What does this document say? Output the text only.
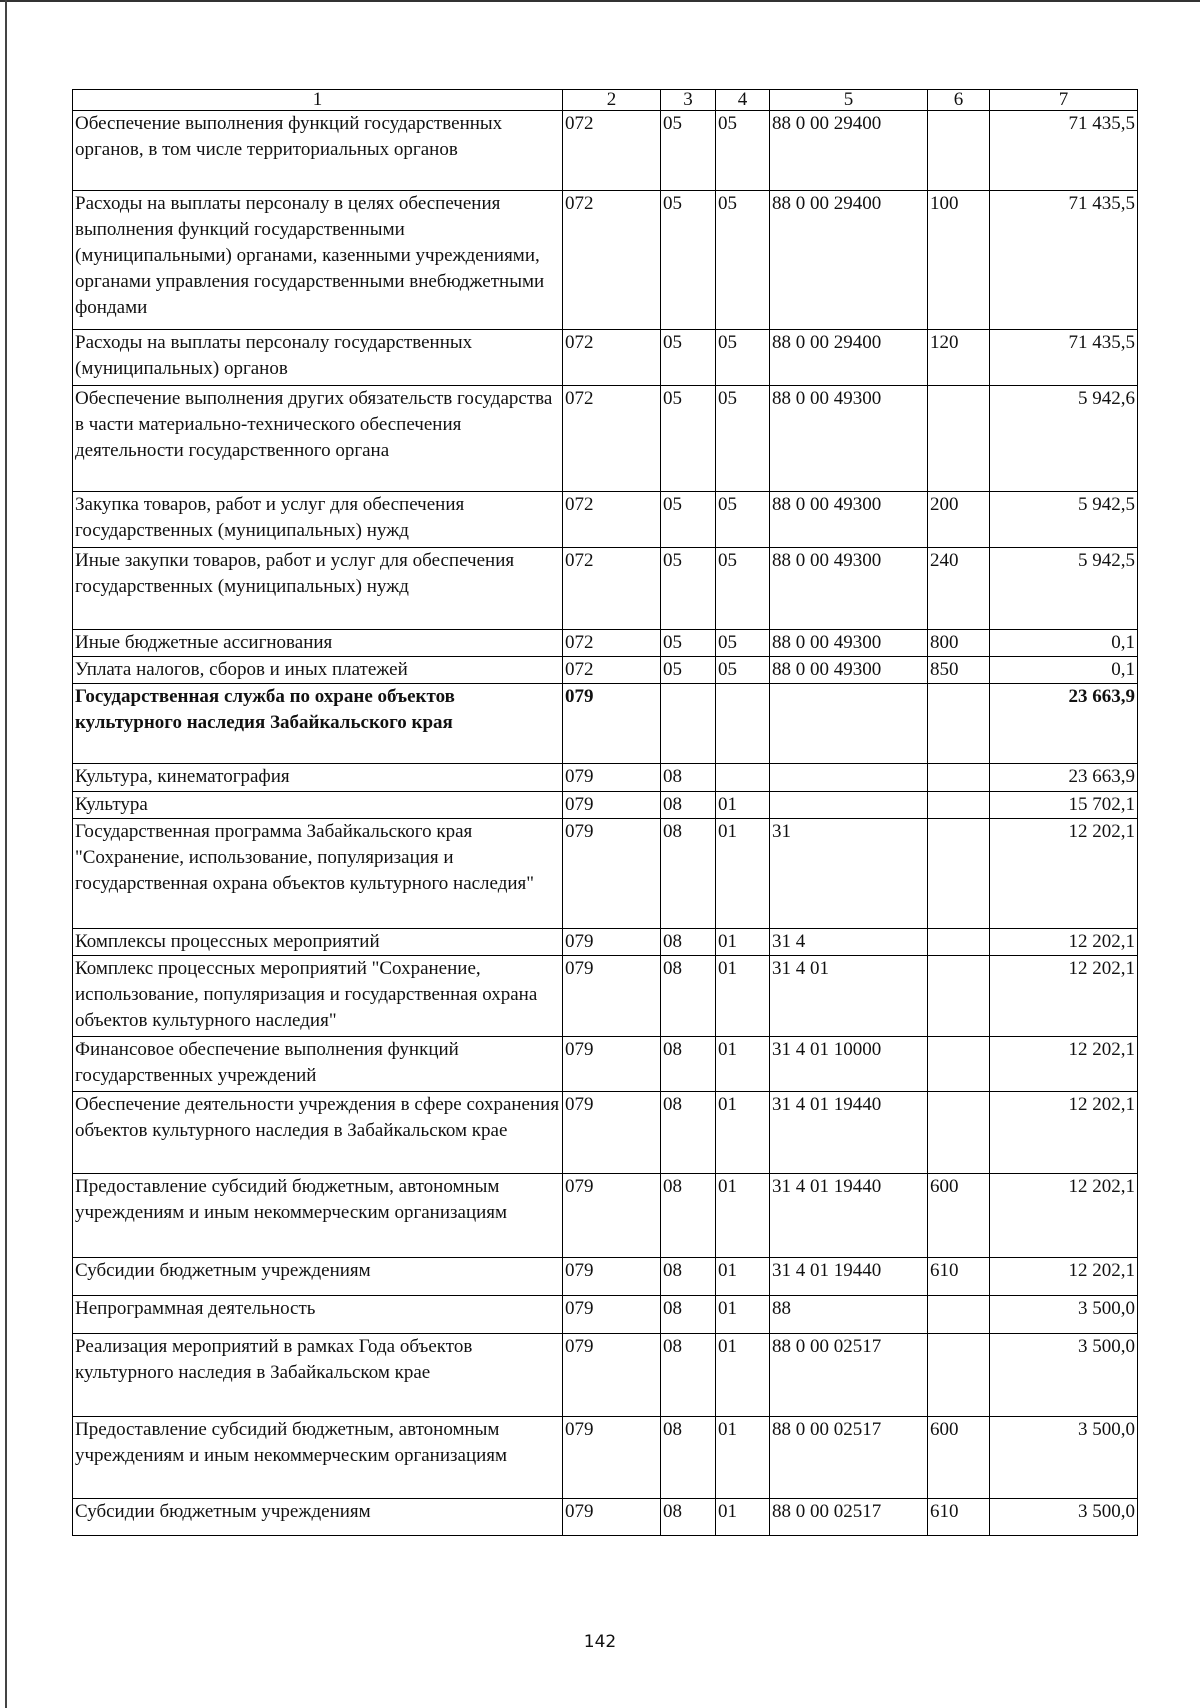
1	2	3	4	5	6	7
Обеспечение выполнения функций государственных органов, в том числе территориальных органов	072	05	05	88 0 00 29400		71 435,5
Расходы на выплаты персоналу в целях обеспечения выполнения функций государственными (муниципальными) органами, казенными учреждениями, органами управления государственными внебюджетными фондами	072	05	05	88 0 00 29400	100	71 435,5
Расходы на выплаты персоналу государственных (муниципальных) органов	072	05	05	88 0 00 29400	120	71 435,5
Обеспечение выполнения других обязательств государства в части материально-технического обеспечения деятельности государственного органа	072	05	05	88 0 00 49300		5 942,6
Закупка товаров, работ и услуг для обеспечения государственных (муниципальных) нужд	072	05	05	88 0 00 49300	200	5 942,5
Иные закупки товаров, работ и услуг для обеспечения государственных (муниципальных) нужд	072	05	05	88 0 00 49300	240	5 942,5
Иные бюджетные ассигнования	072	05	05	88 0 00 49300	800	0,1
Уплата налогов, сборов и иных платежей	072	05	05	88 0 00 49300	850	0,1
Государственная служба по охране объектов культурного наследия Забайкальского края	079					23 663,9
Культура, кинематография	079	08				23 663,9
Культура	079	08	01			15 702,1
Государственная программа Забайкальского края "Сохранение, использование, популяризация и государственная охрана объектов культурного наследия"	079	08	01	31		12 202,1
Комплексы процессных мероприятий	079	08	01	31 4		12 202,1
Комплекс процессных мероприятий "Сохранение, использование, популяризация и государственная охрана объектов культурного наследия"	079	08	01	31 4 01		12 202,1
Финансовое обеспечение выполнения функций государственных учреждений	079	08	01	31 4 01 10000		12 202,1
Обеспечение деятельности учреждения в сфере сохранения объектов культурного наследия в Забайкальском крае	079	08	01	31 4 01 19440		12 202,1
Предоставление субсидий бюджетным, автономным учреждениям и иным некоммерческим организациям	079	08	01	31 4 01 19440	600	12 202,1
Субсидии бюджетным учреждениям	079	08	01	31 4 01 19440	610	12 202,1
Непрограммная деятельность	079	08	01	88		3 500,0
Реализация мероприятий в рамках Года объектов культурного наследия в Забайкальском крае	079	08	01	88 0 00 02517		3 500,0
Предоставление субсидий бюджетным, автономным учреждениям и иным некоммерческим организациям	079	08	01	88 0 00 02517	600	3 500,0
Субсидии бюджетным учреждениям	079	08	01	88 0 00 02517	610	3 500,0
142
